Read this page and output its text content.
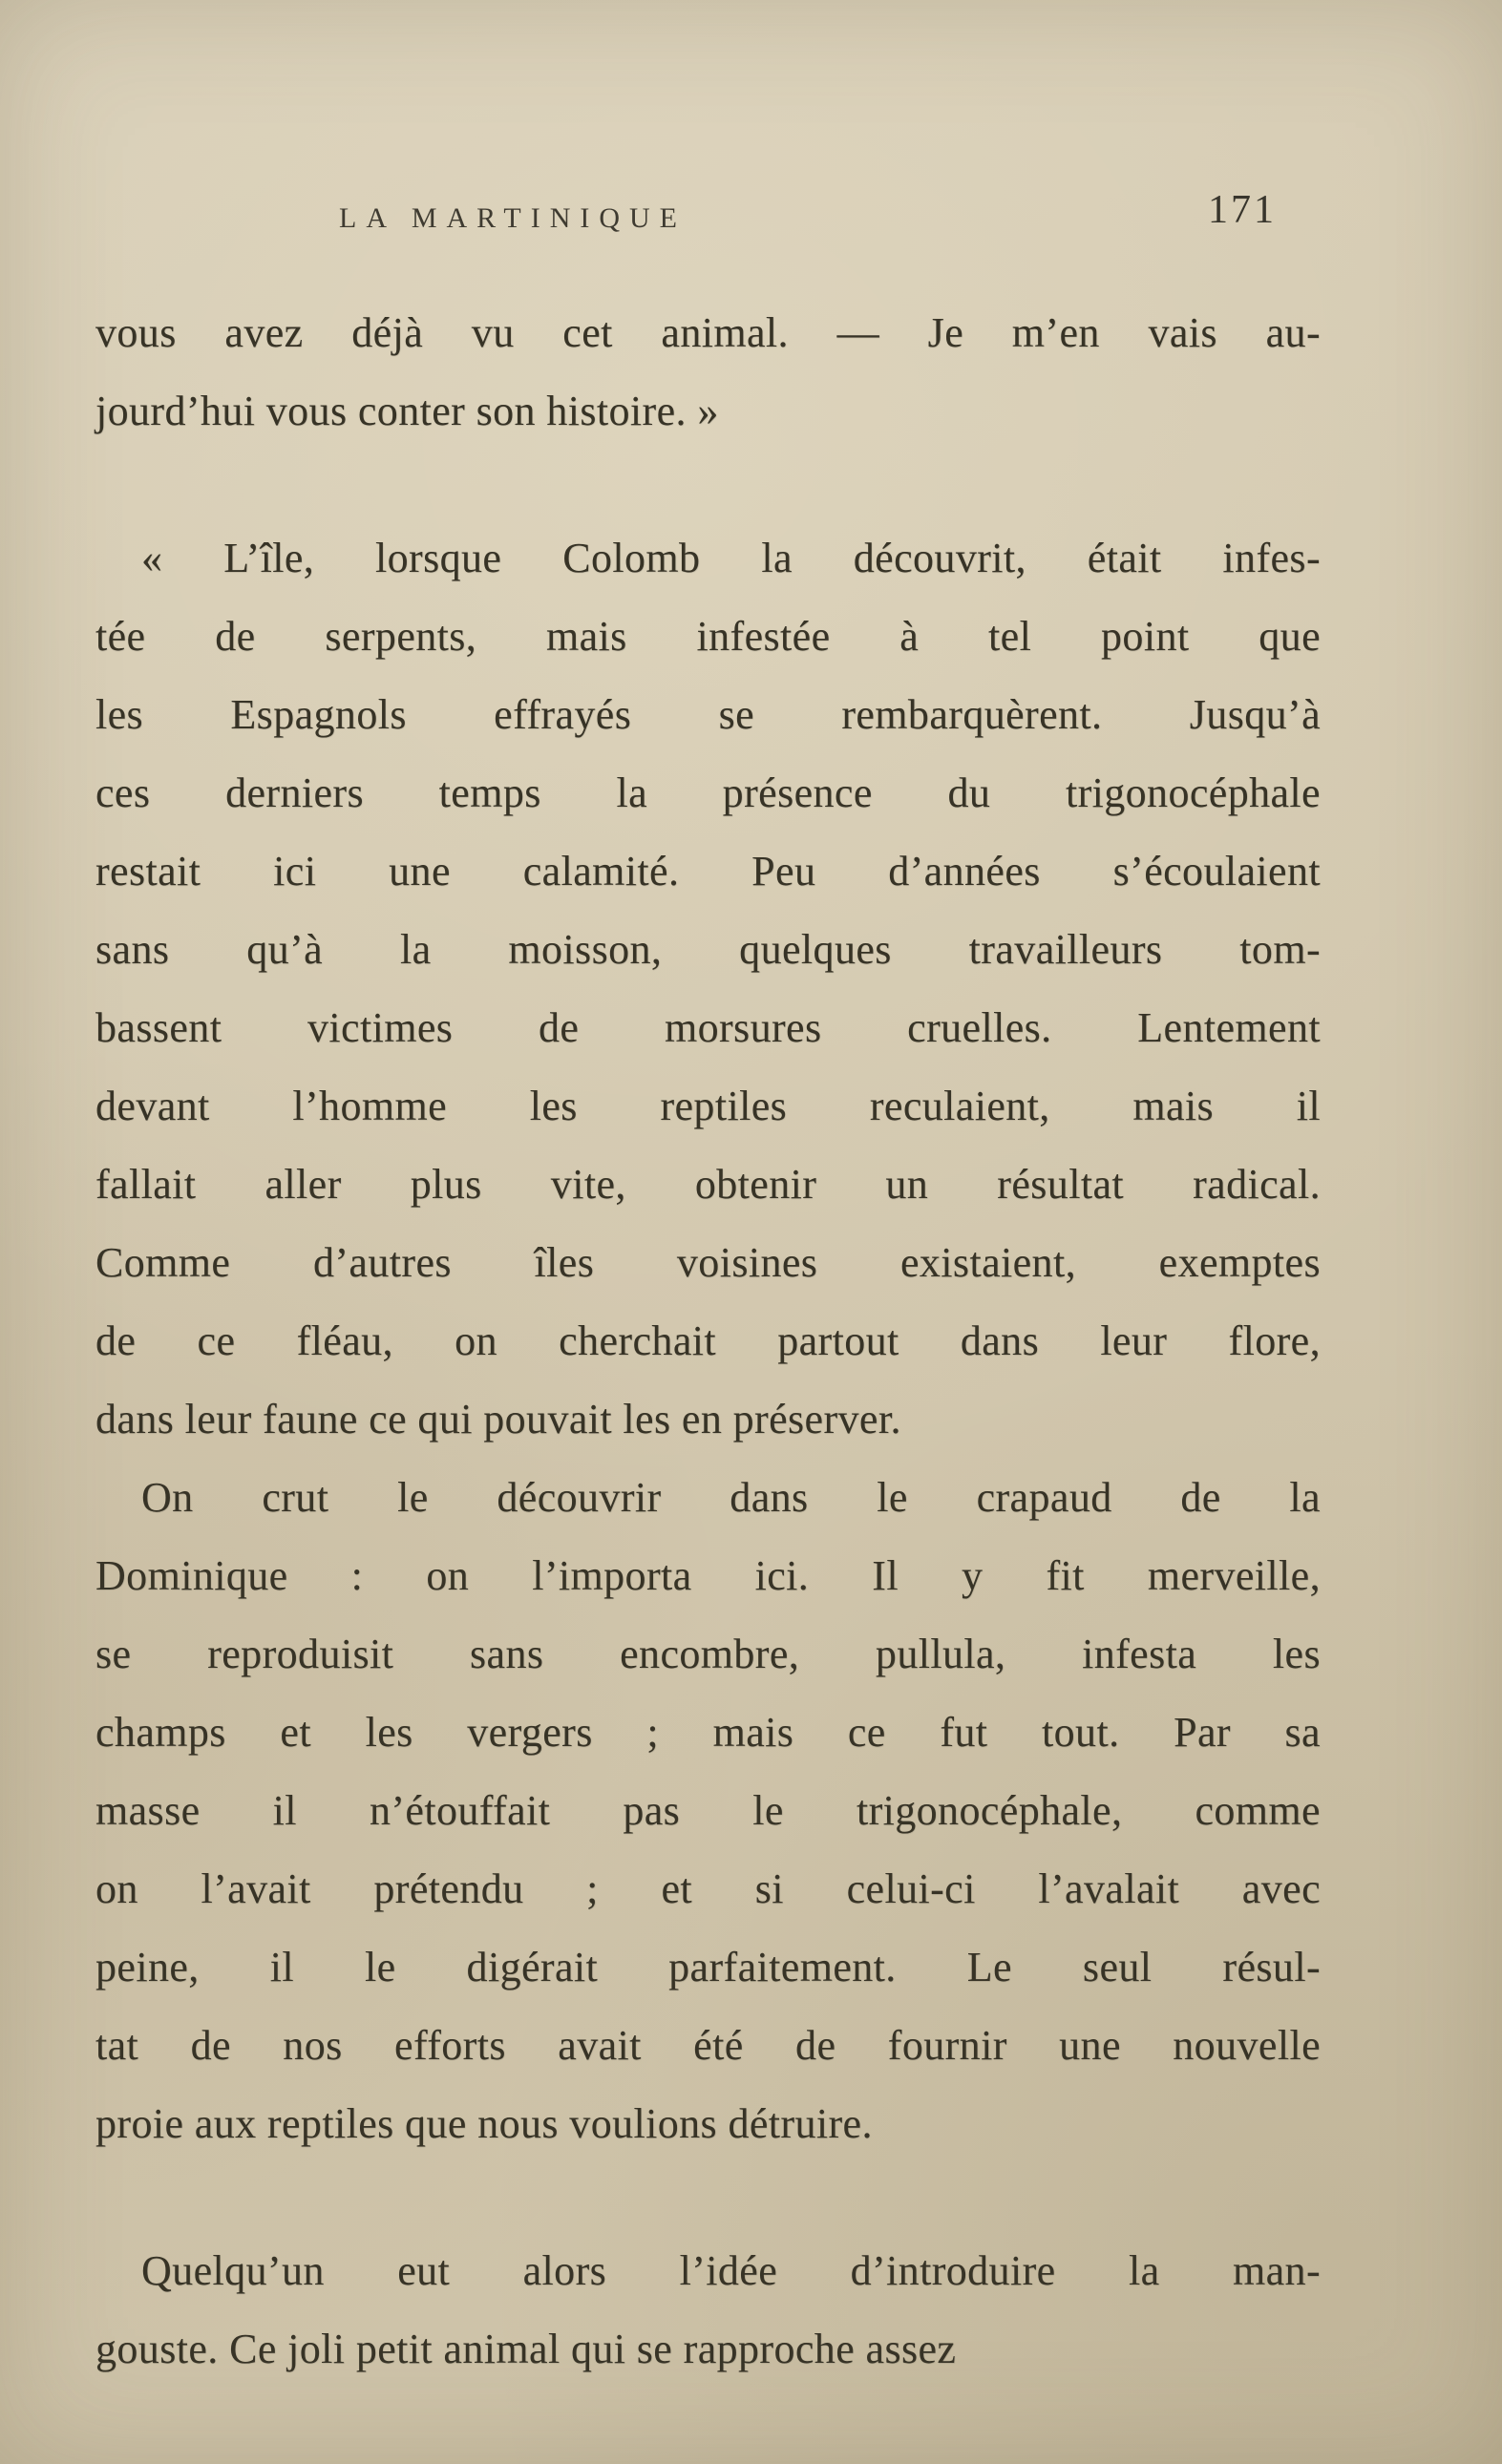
LA MARTINIQUE	171
vous avez déjà vu cet animal. — Je m’en vais au-
jourd’hui vous conter son histoire. »
« L’île, lorsque Colomb la découvrit, était infes-
tée de serpents, mais infestée à tel point que
les Espagnols effrayés se rembarquèrent. Jusqu’à
ces derniers temps la présence du trigonocéphale
restait ici une calamité. Peu d’années s’écoulaient
sans qu’à la moisson, quelques travailleurs tom-
bassent victimes de morsures cruelles. Lentement
devant l’homme les reptiles reculaient, mais il
fallait aller plus vite, obtenir un résultat radical.
Comme d’autres îles voisines existaient, exemptes
de ce fléau, on cherchait partout dans leur flore,
dans leur faune ce qui pouvait les en préserver.
On crut le découvrir dans le crapaud de la
Dominique : on l’importa ici. Il y fit merveille,
se reproduisit sans encombre, pullula, infesta les
champs et les vergers ; mais ce fut tout. Par sa
masse il n’étouffait pas le trigonocéphale, comme
on l’avait prétendu ; et si celui-ci l’avalait avec
peine, il le digérait parfaitement. Le seul résul-
tat de nos efforts avait été de fournir une nouvelle
proie aux reptiles que nous voulions détruire.
Quelqu’un eut alors l’idée d’introduire la man-
gouste. Ce joli petit animal qui se rapproche assez
